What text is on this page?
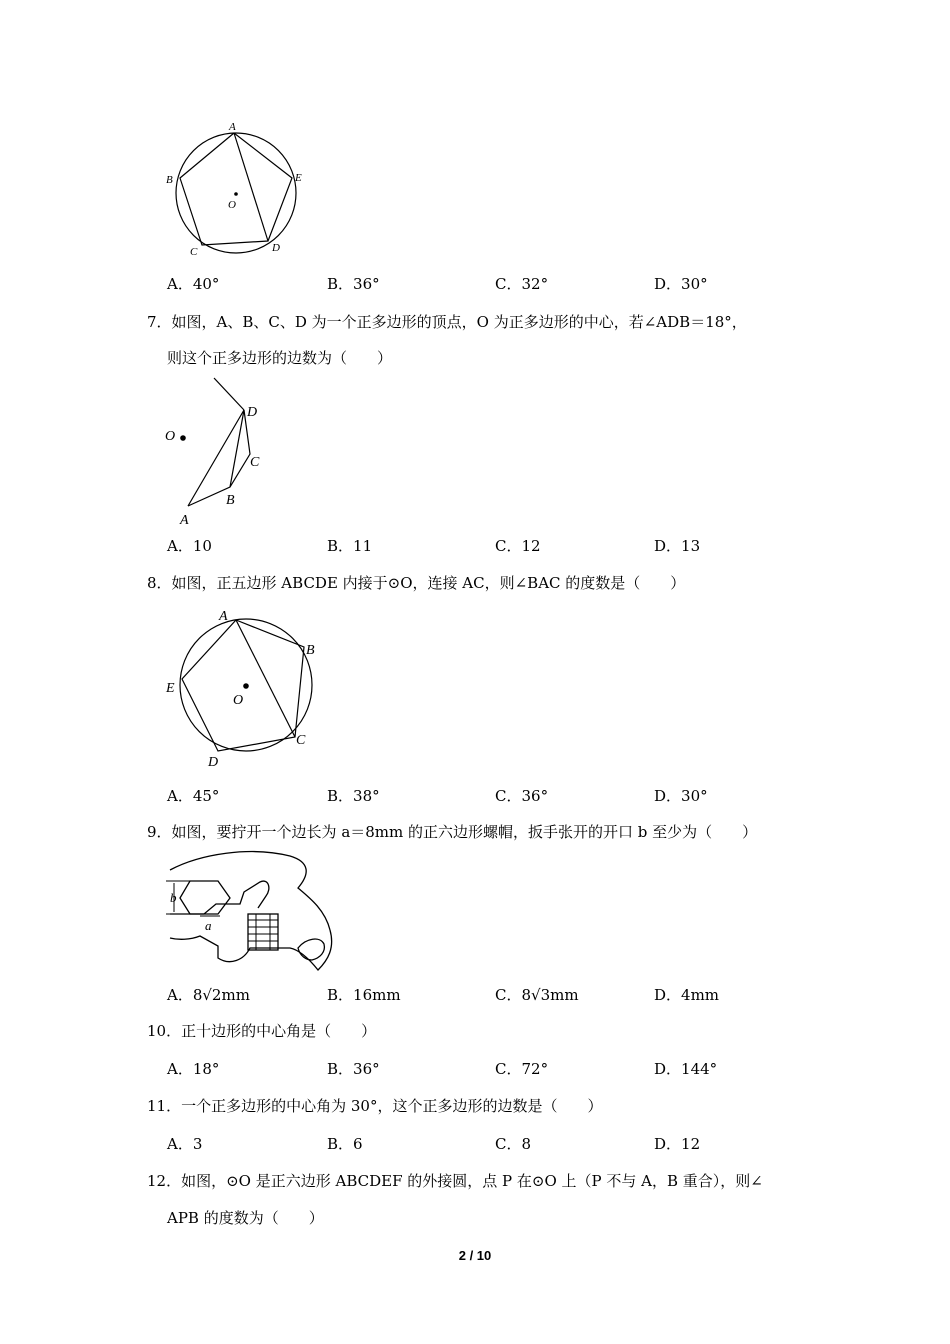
A
B
C	D
E
O
A．40°	B．36°	C．32°	D．30°
7．如图，A、B、C、D 为一个正多边形的顶点，O 为正多边形的中心，若∠ADB＝18°，
则这个正多边形的边数为（　　）
O
D
C
B
A
A．10	B．11	C．12	D．13
8．如图，正五边形 ABCDE 内接于⊙O，连接 AC，则∠BAC 的度数是（　　）
A
B
C
D
E
O
A．45°	B．38°	C．36°	D．30°
9．如图，要拧开一个边长为 a＝8mm 的正六边形螺帽，扳手张开的开口 b 至少为（　　）
b
a
A．8√2mm	B．16mm	C．8√3mm	D．4mm
10．正十边形的中心角是（　　）
A．18°	B．36°	C．72°	D．144°
11．一个正多边形的中心角为 30°，这个正多边形的边数是（　　）
A．3	B．6	C．8	D．12
12．如图，⊙O 是正六边形 ABCDEF 的外接圆，点 P 在⊙O 上（P 不与 A，B 重合），则∠
APB 的度数为（　　）
2 / 10
